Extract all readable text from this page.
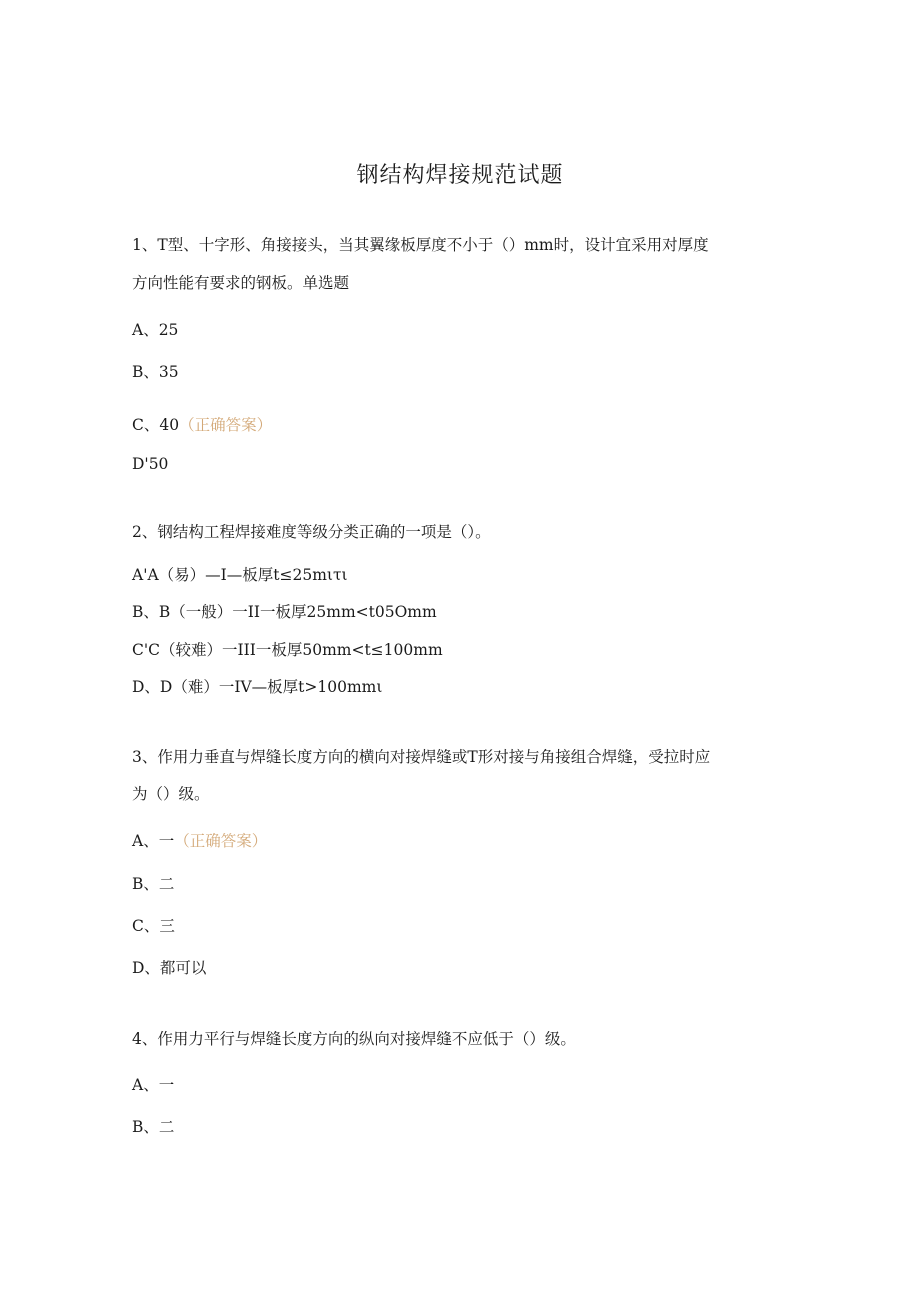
钢结构焊接规范试题
1、T型、十字形、角接接头，当其翼缘板厚度不小于（）mm时，设计宜采用对厚度
方向性能有要求的钢板。单选题
A、25
B、35
C、40（正确答案）
D'50
2、钢结构工程焊接难度等级分类正确的一项是（）。
A'A（易）—I—板厚t≤25mιτι
B、B（一般）一II一板厚25mm<t05Omm
C'C（较难）一III一板厚50mm<t≤100mm
D、D（难）一IV—板厚t>100mmι
3、作用力垂直与焊缝长度方向的横向对接焊缝或T形对接与角接组合焊缝，受拉时应
为（）级。
A、一（正确答案）
B、二
C、三
D、都可以
4、作用力平行与焊缝长度方向的纵向对接焊缝不应低于（）级。
A、一
B、二
